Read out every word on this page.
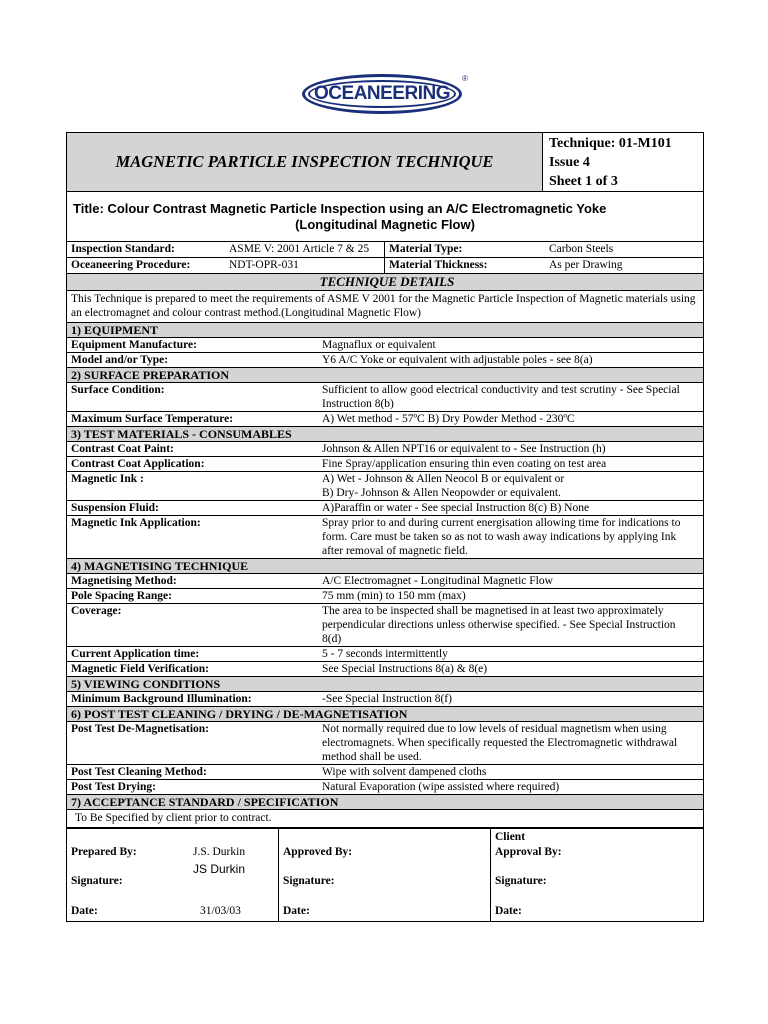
OCEANEERING
®
MAGNETIC PARTICLE INSPECTION TECHNIQUE
Technique: 01-M101
Issue 4
Sheet 1 of 3
Title: Colour Contrast Magnetic Particle Inspection using an A/C Electromagnetic Yoke
(Longitudinal Magnetic Flow)
Inspection Standard:	ASME V: 2001 Article 7 & 25	Material Type:	Carbon Steels
Oceaneering Procedure:	NDT-OPR-031	Material Thickness:	As per Drawing
TECHNIQUE DETAILS
This Technique is prepared to meet the requirements of ASME V 2001 for the Magnetic Particle Inspection of Magnetic materials using an electromagnet and colour contrast method.(Longitudinal Magnetic Flow)
1) EQUIPMENT
Equipment Manufacture:	Magnaflux or equivalent
Model and/or Type:	Y6 A/C Yoke or equivalent with adjustable poles - see 8(a)
2) SURFACE PREPARATION
Surface Condition:	Sufficient to allow good electrical conductivity and test scrutiny - See Special Instruction 8(b)
Maximum Surface Temperature:	A) Wet method - 57ºC B) Dry Powder Method - 230ºC
3) TEST MATERIALS - CONSUMABLES
Contrast Coat Paint:	Johnson & Allen NPT16 or equivalent to - See Instruction (h)
Contrast Coat Application:	Fine Spray/application ensuring thin even coating on test area
Magnetic Ink :	A) Wet - Johnson & Allen Neocol B or equivalent or
B) Dry- Johnson & Allen Neopowder or equivalent.
Suspension Fluid:	A)Paraffin or water - See special Instruction 8(c) B) None
Magnetic Ink Application:	Spray prior to and during current energisation allowing time for indications to form. Care must be taken so as not to wash away indications by applying Ink after removal of magnetic field.
4) MAGNETISING TECHNIQUE
Magnetising Method:	A/C Electromagnet - Longitudinal Magnetic Flow
Pole Spacing Range:	75 mm (min) to 150 mm (max)
Coverage:	The area to be inspected shall be magnetised in at least two approximately perpendicular directions unless otherwise specified. - See Special Instruction 8(d)
Current Application time:	5 - 7 seconds intermittently
Magnetic Field Verification:	See Special Instructions 8(a) & 8(e)
5) VIEWING CONDITIONS
Minimum Background Illumination:	-See Special Instruction 8(f)
6) POST TEST CLEANING / DRYING / DE-MAGNETISATION
Post Test De-Magnetisation:	Not normally required due to low levels of residual magnetism when using electromagnets. When specifically requested the Electromagnetic withdrawal method shall be used.
Post Test Cleaning Method:	Wipe with solvent dampened cloths
Post Test Drying:	Natural Evaporation (wipe assisted where required)
7) ACCEPTANCE STANDARD / SPECIFICATION
To Be Specified by client prior to contract.
Prepared By:	J.S. Durkin
JS Durkin
Signature:
Date:	31/03/03
Approved By:
Signature:
Date:
Client
Approval By:
Signature:
Date:
